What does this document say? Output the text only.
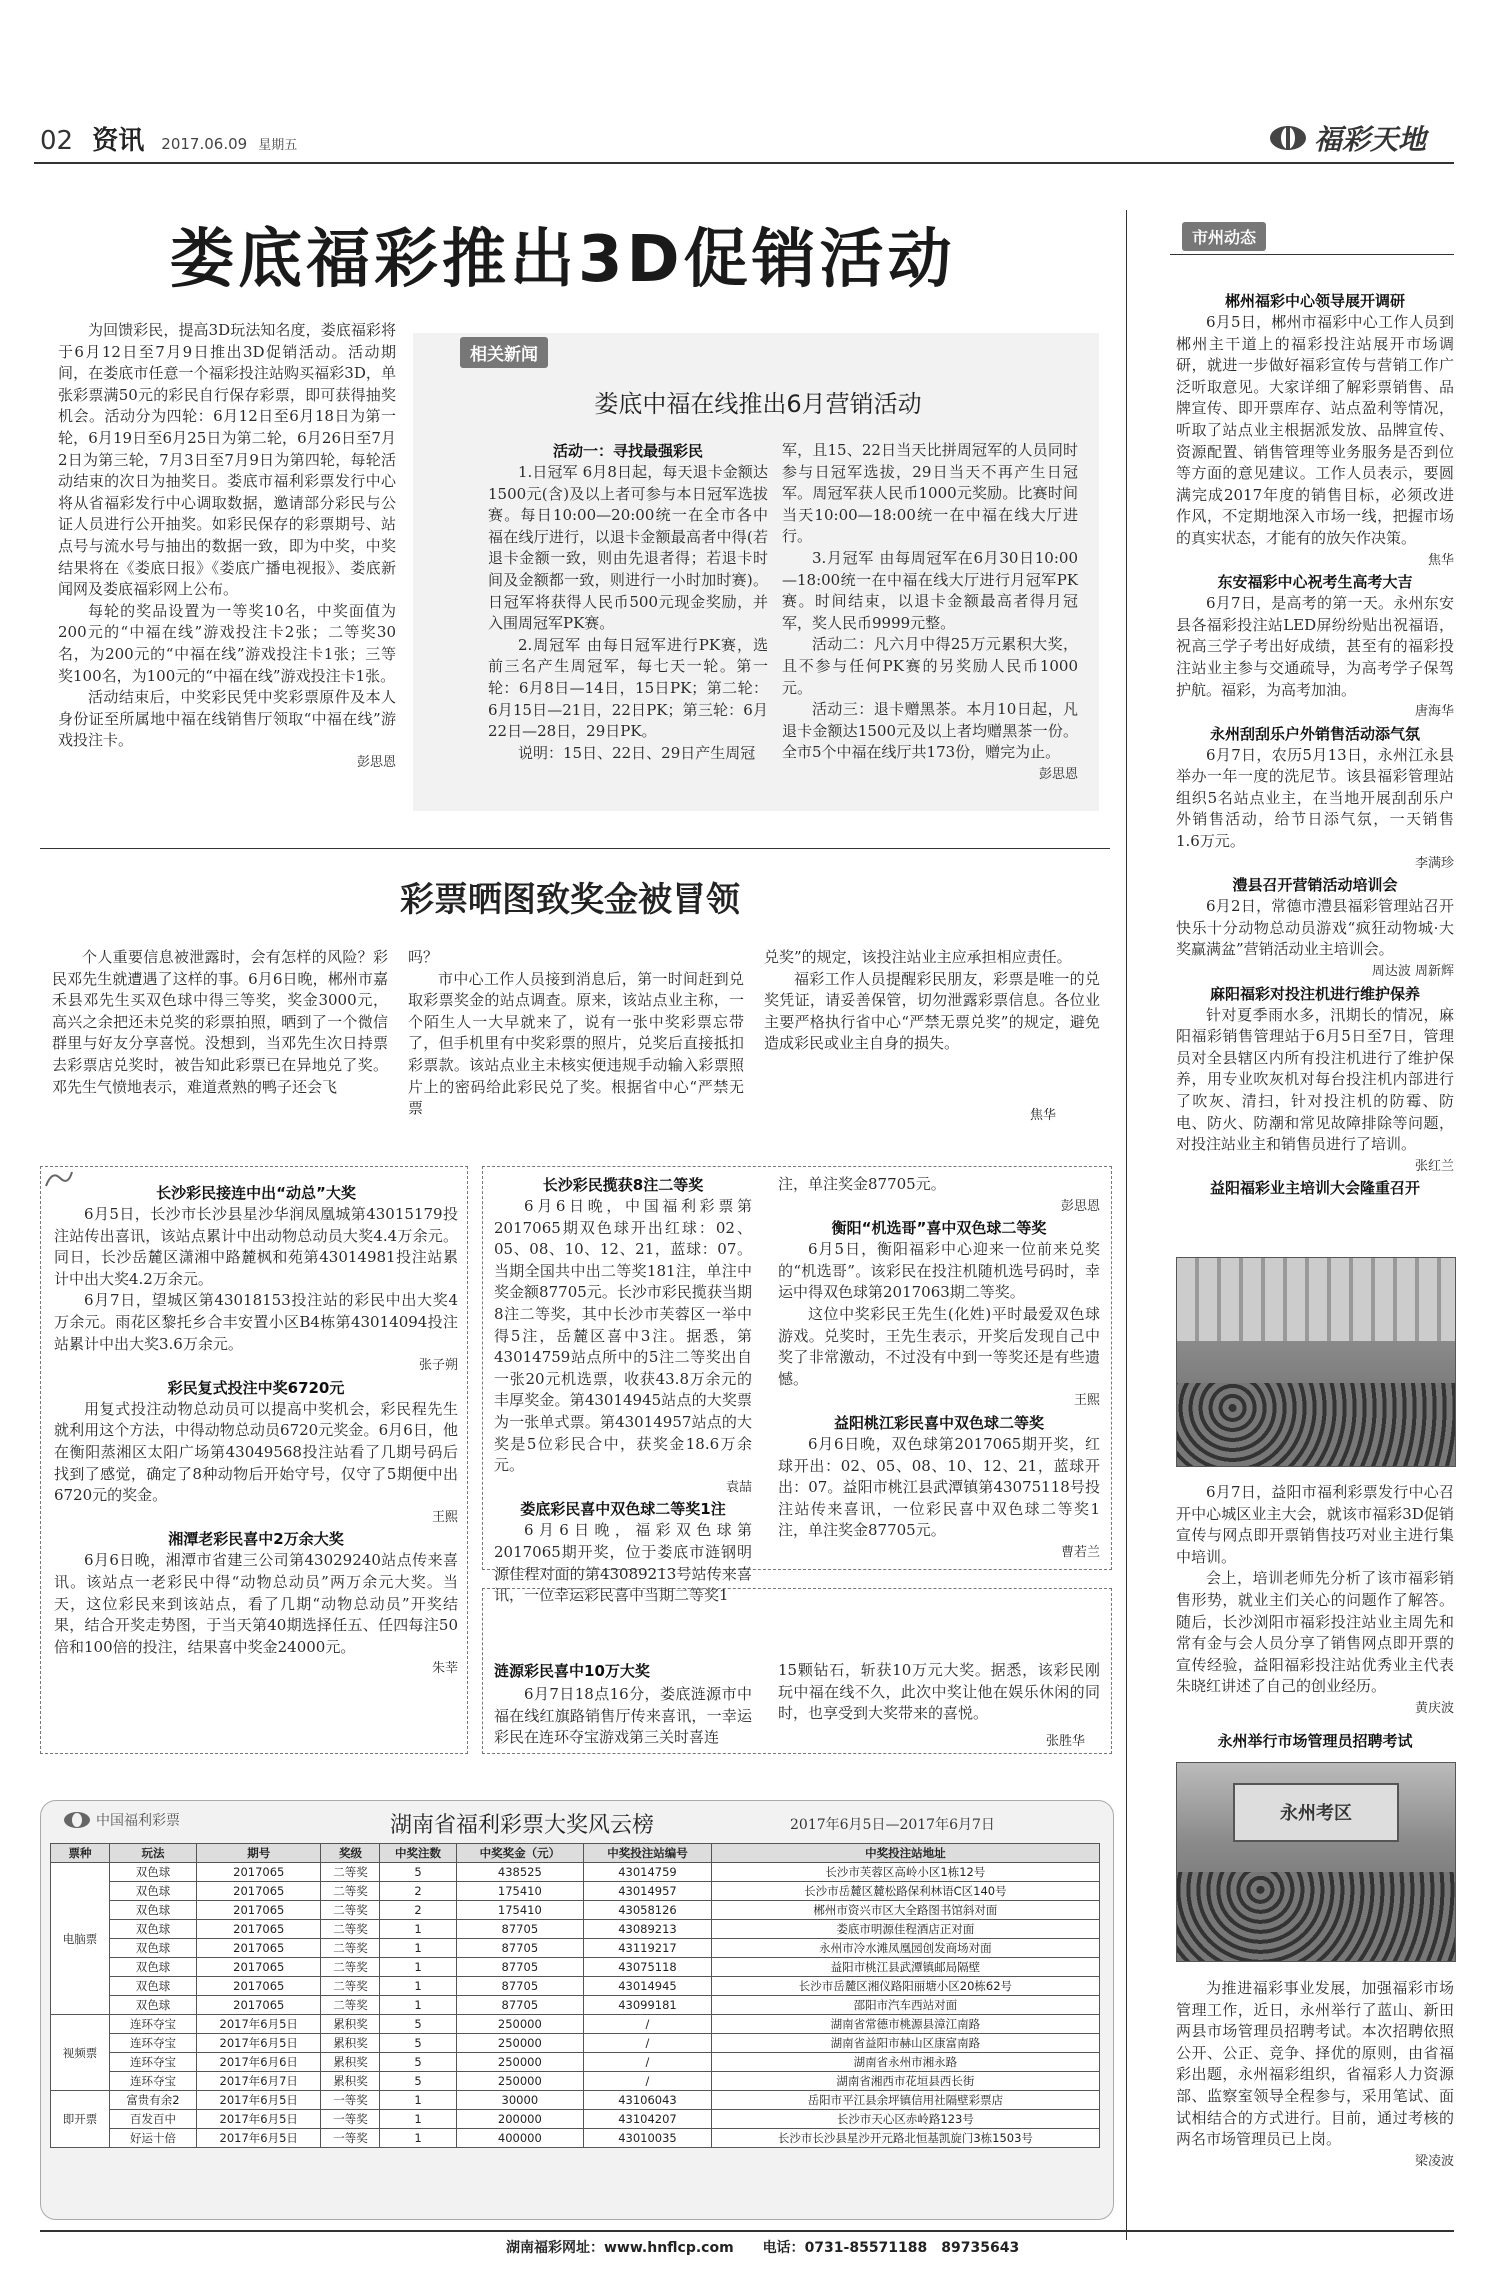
02 资讯 2017.06.09 星期五	福彩天地
娄底福彩推出3D促销活动

为回馈彩民，提高3D玩法知名度，娄底福彩将于6月12日至7月9日推出3D促销活动。活动期间，在娄底市任意一个福彩投注站购买福彩3D，单张彩票满50元的彩民自行保存彩票，即可获得抽奖机会。活动分为四轮：6月12日至6月18日为第一轮，6月19日至6月25日为第二轮，6月26日至7月2日为第三轮，7月3日至7月9日为第四轮，每轮活动结束的次日为抽奖日。娄底市福利彩票发行中心将从省福彩发行中心调取数据，邀请部分彩民与公证人员进行公开抽奖。如彩民保存的彩票期号、站点号与流水号与抽出的数据一致，即为中奖，中奖结果将在《娄底日报》《娄底广播电视报》、娄底新闻网及娄底福彩网上公布。

每轮的奖品设置为一等奖10名，中奖面值为200元的“中福在线”游戏投注卡2张；二等奖30名，为200元的“中福在线”游戏投注卡1张；三等奖100名，为100元的“中福在线”游戏投注卡1张。

活动结束后，中奖彩民凭中奖彩票原件及本人身份证至所属地中福在线销售厅领取“中福在线”游戏投注卡。

彭思恩
相关新闻
娄底中福在线推出6月营销活动
活动一：寻找最强彩民

1.日冠军 6月8日起，每天退卡金额达1500元(含)及以上者可参与本日冠军选拔赛。每日10:00—20:00统一在全市各中福在线厅进行，以退卡金额最高者中得(若退卡金额一致，则由先退者得；若退卡时间及金额都一致，则进行一小时加时赛)。日冠军将获得人民币500元现金奖励，并入围周冠军PK赛。

2.周冠军 由每日冠军进行PK赛，选前三名产生周冠军，每七天一轮。第一轮：6月8日—14日，15日PK；第二轮：6月15日—21日，22日PK；第三轮：6月22日—28日，29日PK。

说明：15日、22日、29日产生周冠

军，且15、22日当天比拼周冠军的人员同时参与日冠军选拔，29日当天不再产生日冠军。周冠军获人民币1000元奖励。比赛时间当天10:00—18:00统一在中福在线大厅进行。

3.月冠军 由每周冠军在6月30日10:00—18:00统一在中福在线大厅进行月冠军PK赛。时间结束，以退卡金额最高者得月冠军，奖人民币9999元整。

活动二：凡六月中得25万元累积大奖，且不参与任何PK赛的另奖励人民币1000元。

活动三：退卡赠黑茶。本月10日起，凡退卡金额达1500元及以上者均赠黑茶一份。全市5个中福在线厅共173份，赠完为止。

彭思恩
彩票晒图致奖金被冒领

个人重要信息被泄露时，会有怎样的风险？彩民邓先生就遭遇了这样的事。6月6日晚，郴州市嘉禾县邓先生买双色球中得三等奖，奖金3000元，高兴之余把还未兑奖的彩票拍照，晒到了一个微信群里与好友分享喜悦。没想到，当邓先生次日持票去彩票店兑奖时，被告知此彩票已在异地兑了奖。邓先生气愤地表示，难道煮熟的鸭子还会飞

吗？

市中心工作人员接到消息后，第一时间赶到兑取彩票奖金的站点调查。原来，该站点业主称，一个陌生人一大早就来了，说有一张中奖彩票忘带了，但手机里有中奖彩票的照片，兑奖后直接抵扣彩票款。该站点业主未核实便违规手动输入彩票照片上的密码给此彩民兑了奖。根据省中心“严禁无票

兑奖”的规定，该投注站业主应承担相应责任。

福彩工作人员提醒彩民朋友，彩票是唯一的兑奖凭证，请妥善保管，切勿泄露彩票信息。各位业主要严格执行省中心“严禁无票兑奖”的规定，避免造成彩民或业主自身的损失。

焦华
长沙彩民接连中出“动总”大奖

6月5日，长沙市长沙县星沙华润凤凰城第43015179投注站传出喜讯，该站点累计中出动物总动员大奖4.4万余元。同日，长沙岳麓区潇湘中路麓枫和苑第43014981投注站累计中出大奖4.2万余元。

6月7日，望城区第43018153投注站的彩民中出大奖4万余元。雨花区黎托乡合丰安置小区B4栋第43014094投注站累计中出大奖3.6万余元。

张子朔
彩民复式投注中奖6720元

用复式投注动物总动员可以提高中奖机会，彩民程先生就利用这个方法，中得动物总动员6720元奖金。6月6日，他在衡阳蒸湘区太阳广场第43049568投注站看了几期号码后找到了感觉，确定了8种动物后开始守号，仅守了5期便中出6720元的奖金。

王熙
湘潭老彩民喜中2万余大奖

6月6日晚，湘潭市省建三公司第43029240站点传来喜讯。该站点一老彩民中得“动物总动员”两万余元大奖。当天，这位彩民来到该站点，看了几期“动物总动员”开奖结果，结合开奖走势图，于当天第40期选择任五、任四每注50倍和100倍的投注，结果喜中奖金24000元。

朱莘
长沙彩民揽获8注二等奖

6月6日晚，中国福利彩票第2017065期双色球开出红球：02、05、08、10、12、21，蓝球：07。当期全国共中出二等奖181注，单注中奖金额87705元。长沙市彩民揽获当期8注二等奖，其中长沙市芙蓉区一举中得5注，岳麓区喜中3注。据悉，第43014759站点所中的5注二等奖出自一张20元机选票，收获43.8万余元的丰厚奖金。第43014945站点的大奖票为一张单式票。第43014957站点的大奖是5位彩民合中，获奖金18.6万余元。

袁喆
娄底彩民喜中双色球二等奖1注

6月6日晚，福彩双色球第2017065期开奖，位于娄底市涟钢明源佳程对面的第43089213号站传来喜讯，一位幸运彩民喜中当期二等奖1

注，单注奖金87705元。
彭思恩
衡阳“机选哥”喜中双色球二等奖

6月5日，衡阳福彩中心迎来一位前来兑奖的“机选哥”。该彩民在投注机随机选号码时，幸运中得双色球第2017063期二等奖。

这位中奖彩民王先生(化姓)平时最爱双色球游戏。兑奖时，王先生表示，开奖后发现自己中奖了非常激动，不过没有中到一等奖还是有些遗憾。

王熙
益阳桃江彩民喜中双色球二等奖

6月6日晚，双色球第2017065期开奖，红球开出：02、05、08、10、12、21，蓝球开出：07。益阳市桃江县武潭镇第43075118号投注站传来喜讯，一位彩民喜中双色球二等奖1注，单注奖金87705元。

曹若兰
涟源彩民喜中10万大奖

6月7日18点16分，娄底涟源市中福在线红旗路销售厅传来喜讯，一幸运彩民在连环夺宝游戏第三关时喜连

15颗钻石，斩获10万元大奖。据悉，该彩民刚玩中福在线不久，此次中奖让他在娱乐休闲的同时，也享受到大奖带来的喜悦。
张胜华
中国福利彩票	湖南省福利彩票大奖风云榜	2017年6月5日—2017年6月7日
票种	玩法	期号	奖级	中奖注数	中奖奖金（元）	中奖投注站编号	中奖投注站地址
电脑票	双色球	2017065	二等奖	5	438525	43014759	长沙市芙蓉区高岭小区1栋12号
	双色球	2017065	二等奖	2	175410	43014957	长沙市岳麓区麓松路保利林语C区140号
	双色球	2017065	二等奖	2	175410	43058126	郴州市资兴市区大全路图书馆斜对面
	双色球	2017065	二等奖	1	87705	43089213	娄底市明源佳程酒店正对面
	双色球	2017065	二等奖	1	87705	43119217	永州市冷水滩凤凰园创发商场对面
	双色球	2017065	二等奖	1	87705	43075118	益阳市桃江县武潭镇邮局隔壁
	双色球	2017065	二等奖	1	87705	43014945	长沙市岳麓区湘仪路阳丽塘小区20栋62号
	双色球	2017065	二等奖	1	87705	43099181	邵阳市汽车西站对面
视频票	连环夺宝	2017年6月5日	累积奖	5	250000	/	湖南省常德市桃源县漳江南路
	连环夺宝	2017年6月5日	累积奖	5	250000	/	湖南省益阳市赫山区康富南路
	连环夺宝	2017年6月6日	累积奖	5	250000	/	湖南省永州市湘永路
	连环夺宝	2017年6月7日	累积奖	5	250000	/	湖南省湘西市花垣县西长街
即开票	富贵有余2	2017年6月5日	一等奖	1	30000	43106043	岳阳市平江县余坪镇信用社隔壁彩票店
	百发百中	2017年6月5日	一等奖	1	200000	43104207	长沙市天心区赤岭路123号
	好运十倍	2017年6月5日	一等奖	1	400000	43010035	长沙市长沙县星沙开元路北恒基凯旋门3栋1503号
湖南福彩网址：www.hnflcp.com 电话：0731-85571188　89735643
市州动态
郴州福彩中心领导展开调研

6月5日，郴州市福彩中心工作人员到郴州主干道上的福彩投注站展开市场调研，就进一步做好福彩宣传与营销工作广泛听取意见。大家详细了解彩票销售、品牌宣传、即开票库存、站点盈利等情况，听取了站点业主根据派发放、品牌宣传、资源配置、销售管理等业务服务是否到位等方面的意见建议。工作人员表示，要圆满完成2017年度的销售目标，必须改进作风，不定期地深入市场一线，把握市场的真实状态，才能有的放矢作决策。

焦华
东安福彩中心祝考生高考大吉

6月7日，是高考的第一天。永州东安县各福彩投注站LED屏纷纷贴出祝福语，祝高三学子考出好成绩，甚至有的福彩投注站业主参与交通疏导，为高考学子保驾护航。福彩，为高考加油。

唐海华
永州刮刮乐户外销售活动添气氛

6月7日，农历5月13日，永州江永县举办一年一度的洗尼节。该县福彩管理站组织5名站点业主，在当地开展刮刮乐户外销售活动，给节日添气氛，一天销售1.6万元。

李满珍
澧县召开营销活动培训会

6月2日，常德市澧县福彩管理站召开快乐十分动物总动员游戏“疯狂动物城·大奖赢满盆”营销活动业主培训会。

周达波 周新辉
麻阳福彩对投注机进行维护保养

针对夏季雨水多，汛期长的情况，麻阳福彩销售管理站于6月5日至7日，管理员对全县辖区内所有投注机进行了维护保养，用专业吹灰机对每台投注机内部进行了吹灰、清扫，针对投注机的防霉、防电、防火、防潮和常见故障排除等问题，对投注站业主和销售员进行了培训。

张红兰
益阳福彩业主培训大会隆重召开

6月7日，益阳市福利彩票发行中心召开中心城区业主大会，就该市福彩3D促销宣传与网点即开票销售技巧对业主进行集中培训。

会上，培训老师先分析了该市福彩销售形势，就业主们关心的问题作了解答。随后，长沙浏阳市福彩投注站业主周先和常有金与会人员分享了销售网点即开票的宣传经验，益阳福彩投注站优秀业主代表朱晓红讲述了自己的创业经历。

黄庆波
永州举行市场管理员招聘考试
永州考区

为推进福彩事业发展，加强福彩市场管理工作，近日，永州举行了蓝山、新田两县市场管理员招聘考试。本次招聘依照公开、公正、竞争、择优的原则，由省福彩出题，永州福彩组织，省福彩人力资源部、监察室领导全程参与，采用笔试、面试相结合的方式进行。目前，通过考核的两名市场管理员已上岗。

梁凌波
